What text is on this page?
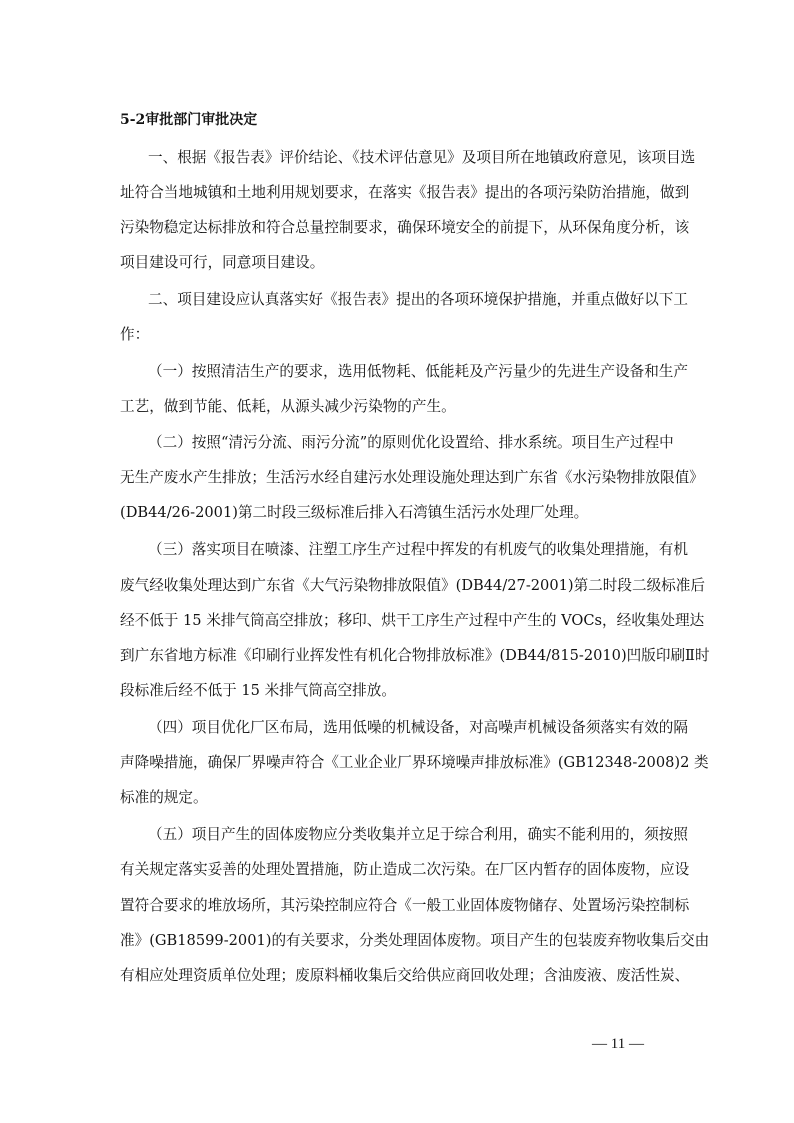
5-2审批部门审批决定
一、根据《报告表》评价结论、《技术评估意见》及项目所在地镇政府意见，该项目选
址符合当地城镇和土地利用规划要求，在落实《报告表》提出的各项污染防治措施，做到
污染物稳定达标排放和符合总量控制要求，确保环境安全的前提下，从环保角度分析，该
项目建设可行，同意项目建设。
二、项目建设应认真落实好《报告表》提出的各项环境保护措施，并重点做好以下工
作：
（一）按照清洁生产的要求，选用低物耗、低能耗及产污量少的先进生产设备和生产
工艺，做到节能、低耗，从源头减少污染物的产生。
（二）按照“清污分流、雨污分流”的原则优化设置给、排水系统。项目生产过程中
无生产废水产生排放；生活污水经自建污水处理设施处理达到广东省《水污染物排放限值》
(DB44/26-2001)第二时段三级标准后排入石湾镇生活污水处理厂处理。
（三）落实项目在喷漆、注塑工序生产过程中挥发的有机废气的收集处理措施，有机
废气经收集处理达到广东省《大气污染物排放限值》(DB44/27-2001)第二时段二级标准后
经不低于 15 米排气筒高空排放；移印、烘干工序生产过程中产生的 VOCs，经收集处理达
到广东省地方标准《印刷行业挥发性有机化合物排放标准》(DB44/815-2010)凹版印刷Ⅱ时
段标准后经不低于 15 米排气筒高空排放。
（四）项目优化厂区布局，选用低噪的机械设备，对高噪声机械设备须落实有效的隔
声降噪措施，确保厂界噪声符合《工业企业厂界环境噪声排放标准》(GB12348-2008)2 类
标准的规定。
（五）项目产生的固体废物应分类收集并立足于综合利用，确实不能利用的，须按照
有关规定落实妥善的处理处置措施，防止造成二次污染。在厂区内暂存的固体废物，应设
置符合要求的堆放场所，其污染控制应符合《一般工业固体废物储存、处置场污染控制标
准》(GB18599-2001)的有关要求，分类处理固体废物。项目产生的包装废弃物收集后交由
有相应处理资质单位处理；废原料桶收集后交给供应商回收处理；含油废液、废活性炭、
— 11 —
